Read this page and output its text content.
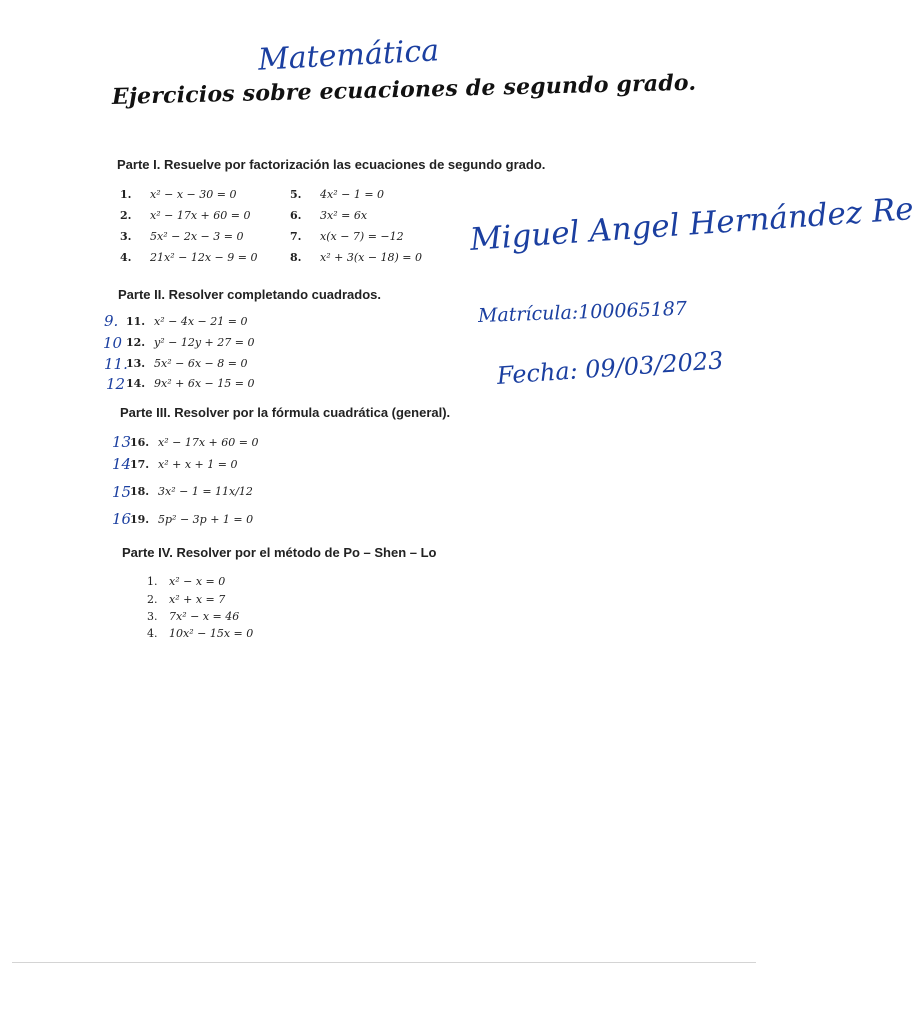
Matemática
Ejercicios sobre ecuaciones de segundo grado.
Parte I. Resuelve por factorización las ecuaciones de segundo grado.
1. x² − x − 30 = 0
2. x² − 17x + 60 = 0
3. 5x² − 2x − 3 = 0
4. 21x² − 12x − 9 = 0
5. 4x² − 1 = 0
6. 3x² = 6x
7. x(x − 7) = −12
8. x² + 3(x − 18) = 0 Miguel Angel Hernández Re
Matrícula:100065187
Fecha: 09/03/2023
Parte II. Resolver completando cuadrados.
9. 11. x² − 4x − 21 = 0
10 12. y² − 12y + 27 = 0
11.
13. 5x² − 6x − 8 = 0
12 14. 9x² + 6x − 15 = 0
Parte III. Resolver por la fórmula cuadrática (general).
13
16. x² − 17x + 60 = 0
14
17. x² + x + 1 = 0
15
18. 3x² − 1 = 11x/12
16
19. 5p² − 3p + 1 = 0
Parte IV. Resolver por el método de Po – Shen – Lo
1. x² − x = 0
2. x² + x = 7
3. 7x² − x = 46
4. 10x² − 15x = 0
